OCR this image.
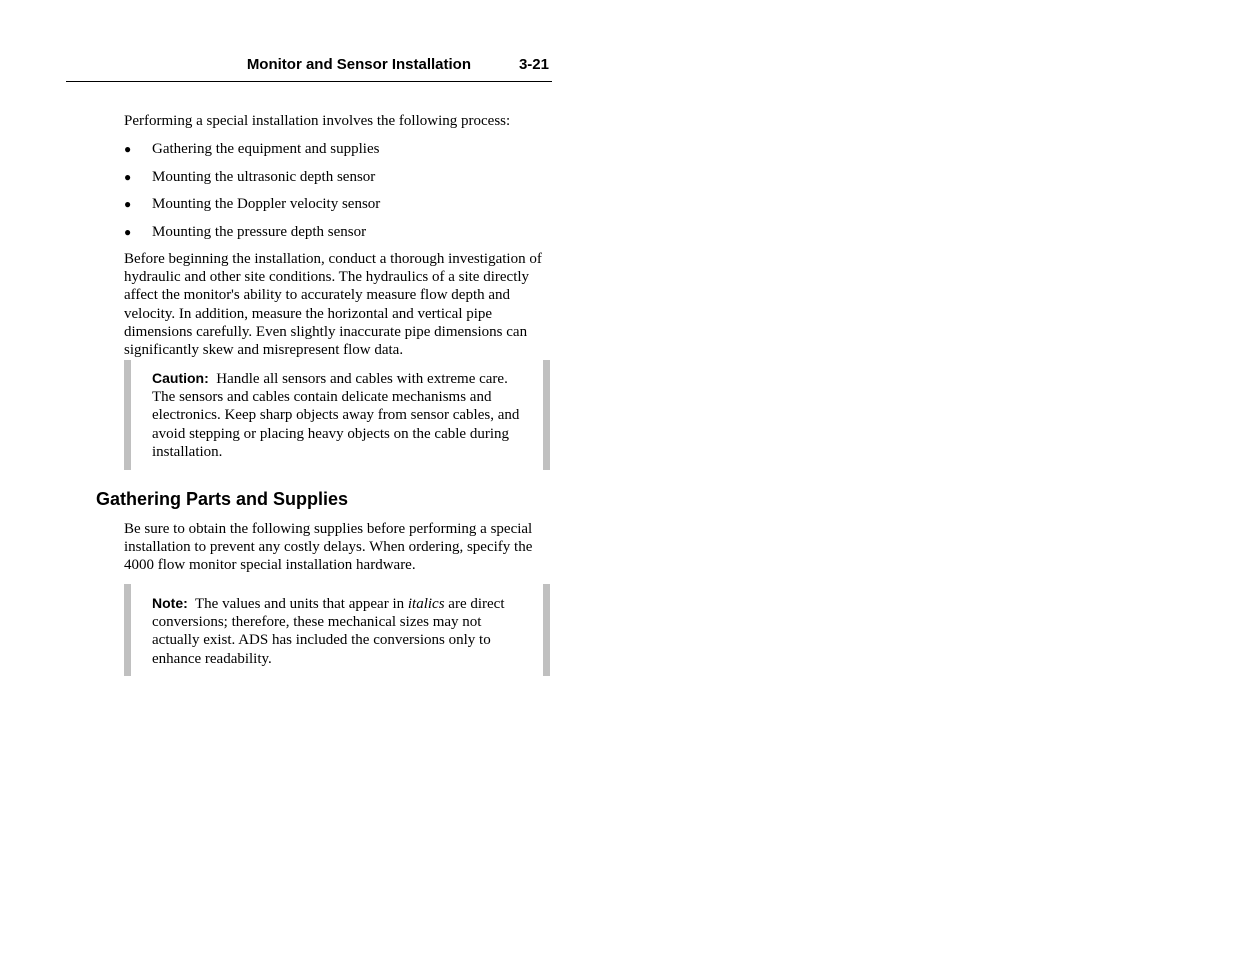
Monitor and Sensor Installation	3-21

Performing a special installation involves the following process:

● Gathering the equipment and supplies
● Mounting the ultrasonic depth sensor
● Mounting the Doppler velocity sensor
● Mounting the pressure depth sensor

Before beginning the installation, conduct a thorough investigation of hydraulic and other site conditions. The hydraulics of a site directly affect the monitor's ability to accurately measure flow depth and velocity. In addition, measure the horizontal and vertical pipe dimensions carefully. Even slightly inaccurate pipe dimensions can significantly skew and misrepresent flow data.

Caution: Handle all sensors and cables with extreme care. The sensors and cables contain delicate mechanisms and electronics. Keep sharp objects away from sensor cables, and avoid stepping or placing heavy objects on the cable during installation.
Gathering Parts and Supplies

Be sure to obtain the following supplies before performing a special installation to prevent any costly delays. When ordering, specify the 4000 flow monitor special installation hardware.

Note: The values and units that appear in italics are direct conversions; therefore, these mechanical sizes may not actually exist. ADS has included the conversions only to enhance readability.
